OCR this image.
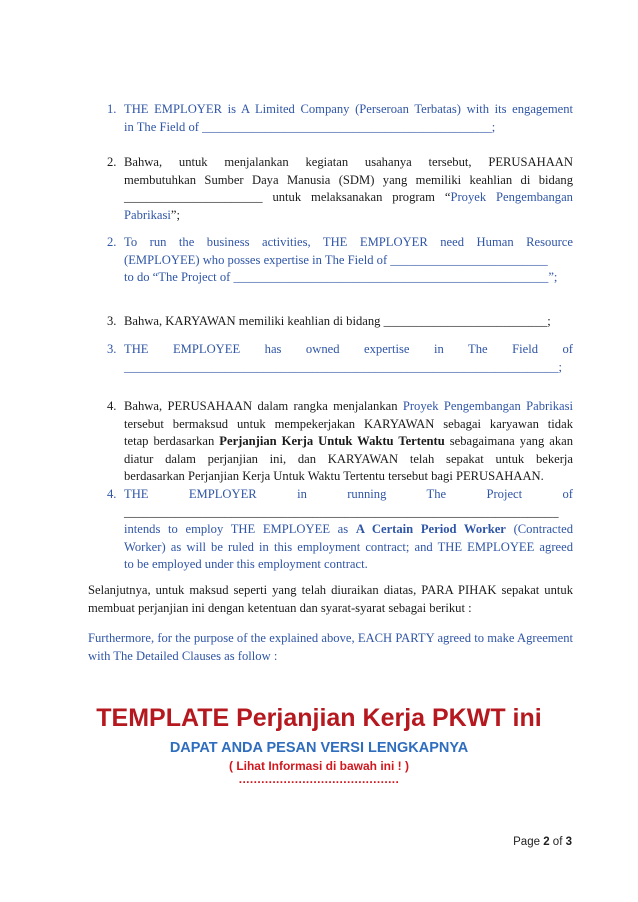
1. THE EMPLOYER is A Limited Company (Perseroan Terbatas) with its engagement
in The Field of ______________________________________________;
2. Bahwa, untuk menjalankan kegiatan usahanya tersebut, PERUSAHAAN
membutuhkan Sumber Daya Manusia (SDM) yang memiliki keahlian di bidang
______________________ untuk melaksanakan program “Proyek Pengembangan
Pabrikasi”;
2. To run the business activities, THE EMPLOYER need Human Resource
(EMPLOYEE) who posses expertise in The Field of _________________________
to do “The Project of __________________________________________________”;
3. Bahwa, KARYAWAN memiliki keahlian di bidang __________________________;
3. THE EMPLOYEE has owned expertise in The Field of
_____________________________________________________________________;
4. Bahwa, PERUSAHAAN dalam rangka menjalankan Proyek Pengembangan Pabrikasi
tersebut bermaksud untuk mempekerjakan KARYAWAN sebagai karyawan tidak
tetap berdasarkan Perjanjian Kerja Untuk Waktu Tertentu sebagaimana yang akan
diatur dalam perjanjian ini, dan KARYAWAN telah sepakat untuk bekerja
berdasarkan Perjanjian Kerja Untuk Waktu Tertentu tersebut bagi PERUSAHAAN.
4. THE EMPLOYER in running The Project of
_____________________________________________________________________

intends to employ THE EMPLOYEE as A Certain Period Worker (Contracted
Worker) as will be ruled in this employment contract; and THE EMPLOYEE agreed
to be employed under this employment contract.
Selanjutnya, untuk maksud seperti yang telah diuraikan diatas, PARA PIHAK sepakat untuk membuat perjanjian ini dengan ketentuan dan syarat-syarat sebagai berikut :
Furthermore, for the purpose of the explained above, EACH PARTY agreed to make Agreement with The Detailed Clauses as follow :
TEMPLATE Perjanjian Kerja PKWT ini
DAPAT ANDA PESAN VERSI LENGKAPNYA
( Lihat Informasi di bawah ini ! )
...........................................
Page 2 of 3
